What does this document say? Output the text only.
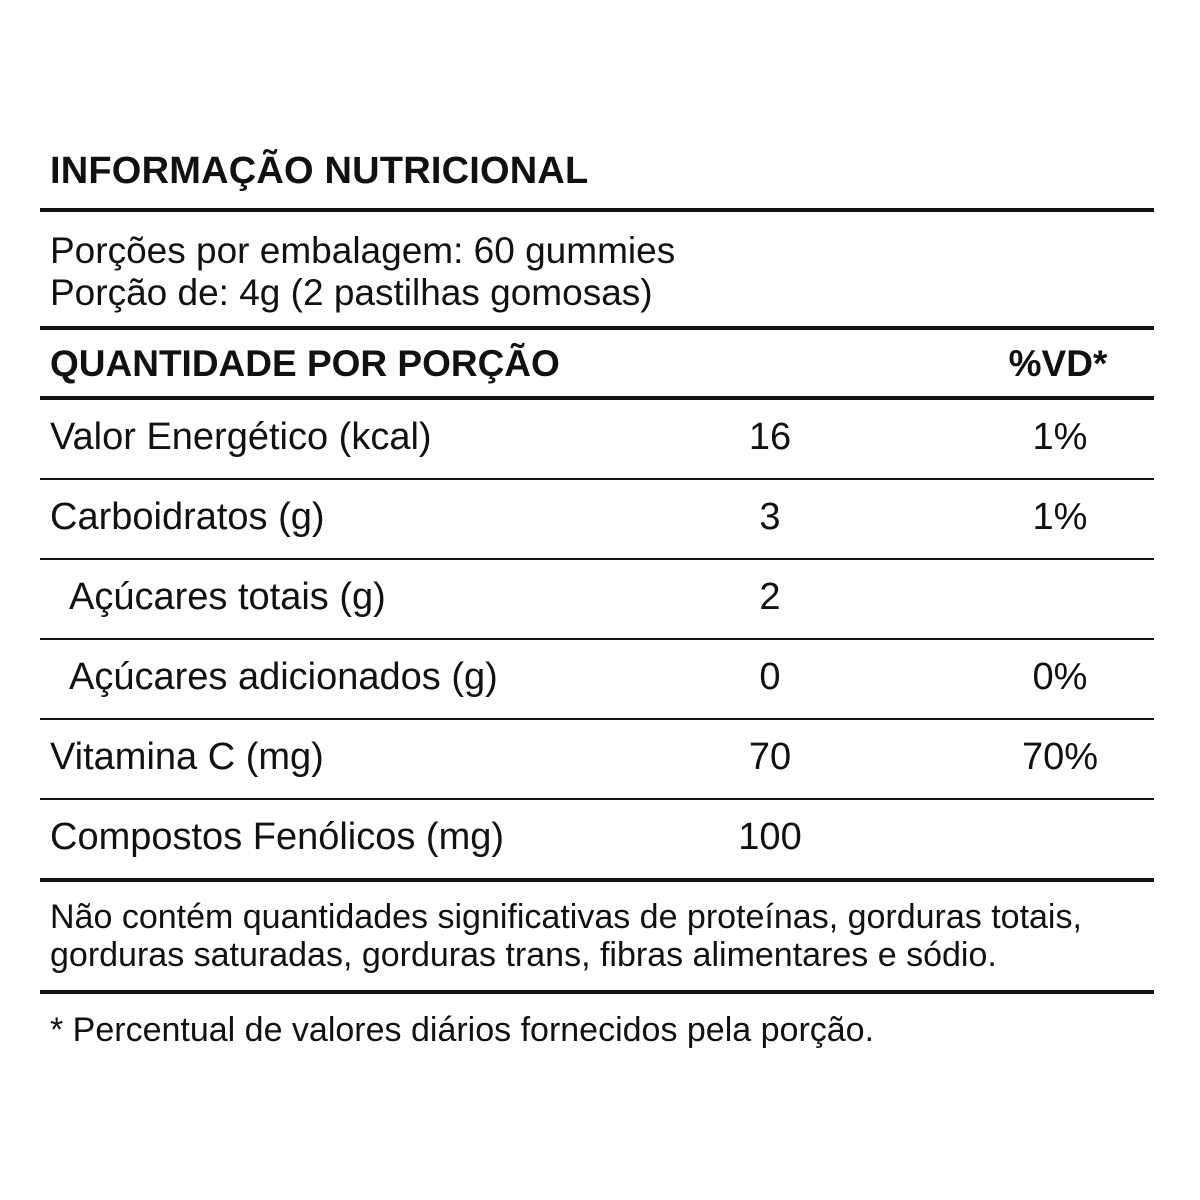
INFORMAÇÃO NUTRICIONAL
Porções por embalagem: 60 gummies
Porção de: 4g (2 pastilhas gomosas)
QUANTIDADE POR PORÇÃO	%VD*
Valor Energético (kcal)	16	1%
Carboidratos (g)	3	1%
Açúcares totais (g)	2
Açúcares adicionados (g)	0	0%
Vitamina C (mg)	70	70%
Compostos Fenólicos (mg)	100
Não contém quantidades significativas de proteínas, gorduras totais, gorduras saturadas, gorduras trans, fibras alimentares e sódio.
* Percentual de valores diários fornecidos pela porção.
